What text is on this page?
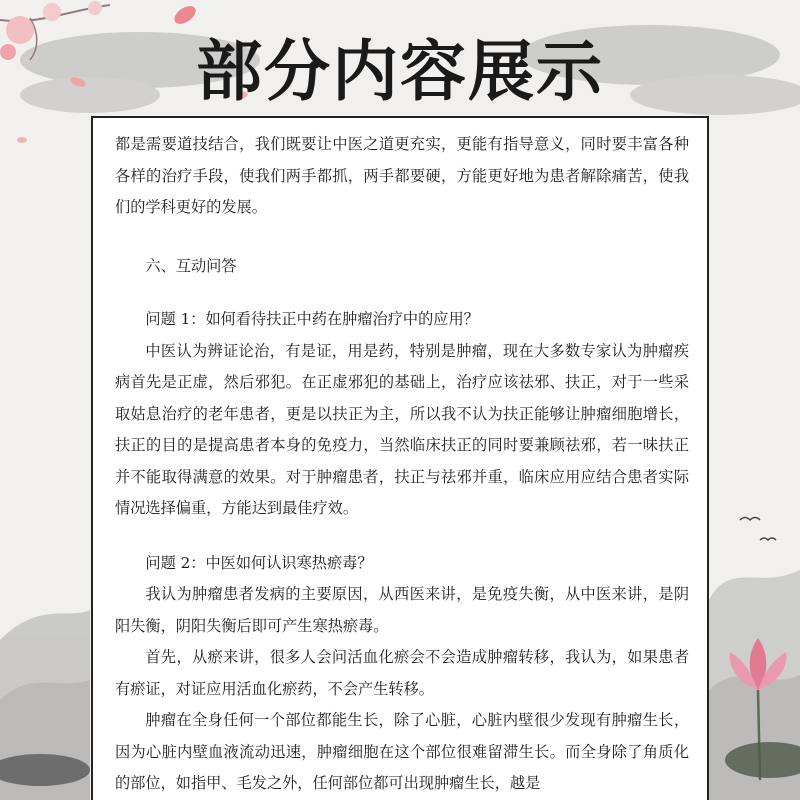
部分内容展示

都是需要道技结合，我们既要让中医之道更充实，更能有指导意义，同时要丰富各种各样的治疗手段，使我们两手都抓，两手都要硬，方能更好地为患者解除痛苦，使我们的学科更好的发展。

六、互动问答

问题 1：如何看待扶正中药在肿瘤治疗中的应用？

中医认为辨证论治，有是证，用是药，特别是肿瘤，现在大多数专家认为肿瘤疾病首先是正虚，然后邪犯。在正虚邪犯的基础上，治疗应该祛邪、扶正，对于一些采取姑息治疗的老年患者，更是以扶正为主，所以我不认为扶正能够让肿瘤细胞增长，扶正的目的是提高患者本身的免疫力，当然临床扶正的同时要兼顾祛邪，若一味扶正并不能取得满意的效果。对于肿瘤患者，扶正与祛邪并重，临床应用应结合患者实际情况选择偏重，方能达到最佳疗效。

问题 2：中医如何认识寒热瘀毒？

我认为肿瘤患者发病的主要原因，从西医来讲，是免疫失衡，从中医来讲，是阴阳失衡，阴阳失衡后即可产生寒热瘀毒。

首先，从瘀来讲，很多人会问活血化瘀会不会造成肿瘤转移，我认为，如果患者有瘀证，对证应用活血化瘀药，不会产生转移。

肿瘤在全身任何一个部位都能生长，除了心脏，心脏内壁很少发现有肿瘤生长，因为心脏内壁血液流动迅速，肿瘤细胞在这个部位很难留滞生长。而全身除了角质化的部位，如指甲、毛发之外，任何部位都可出现肿瘤生长，越是
